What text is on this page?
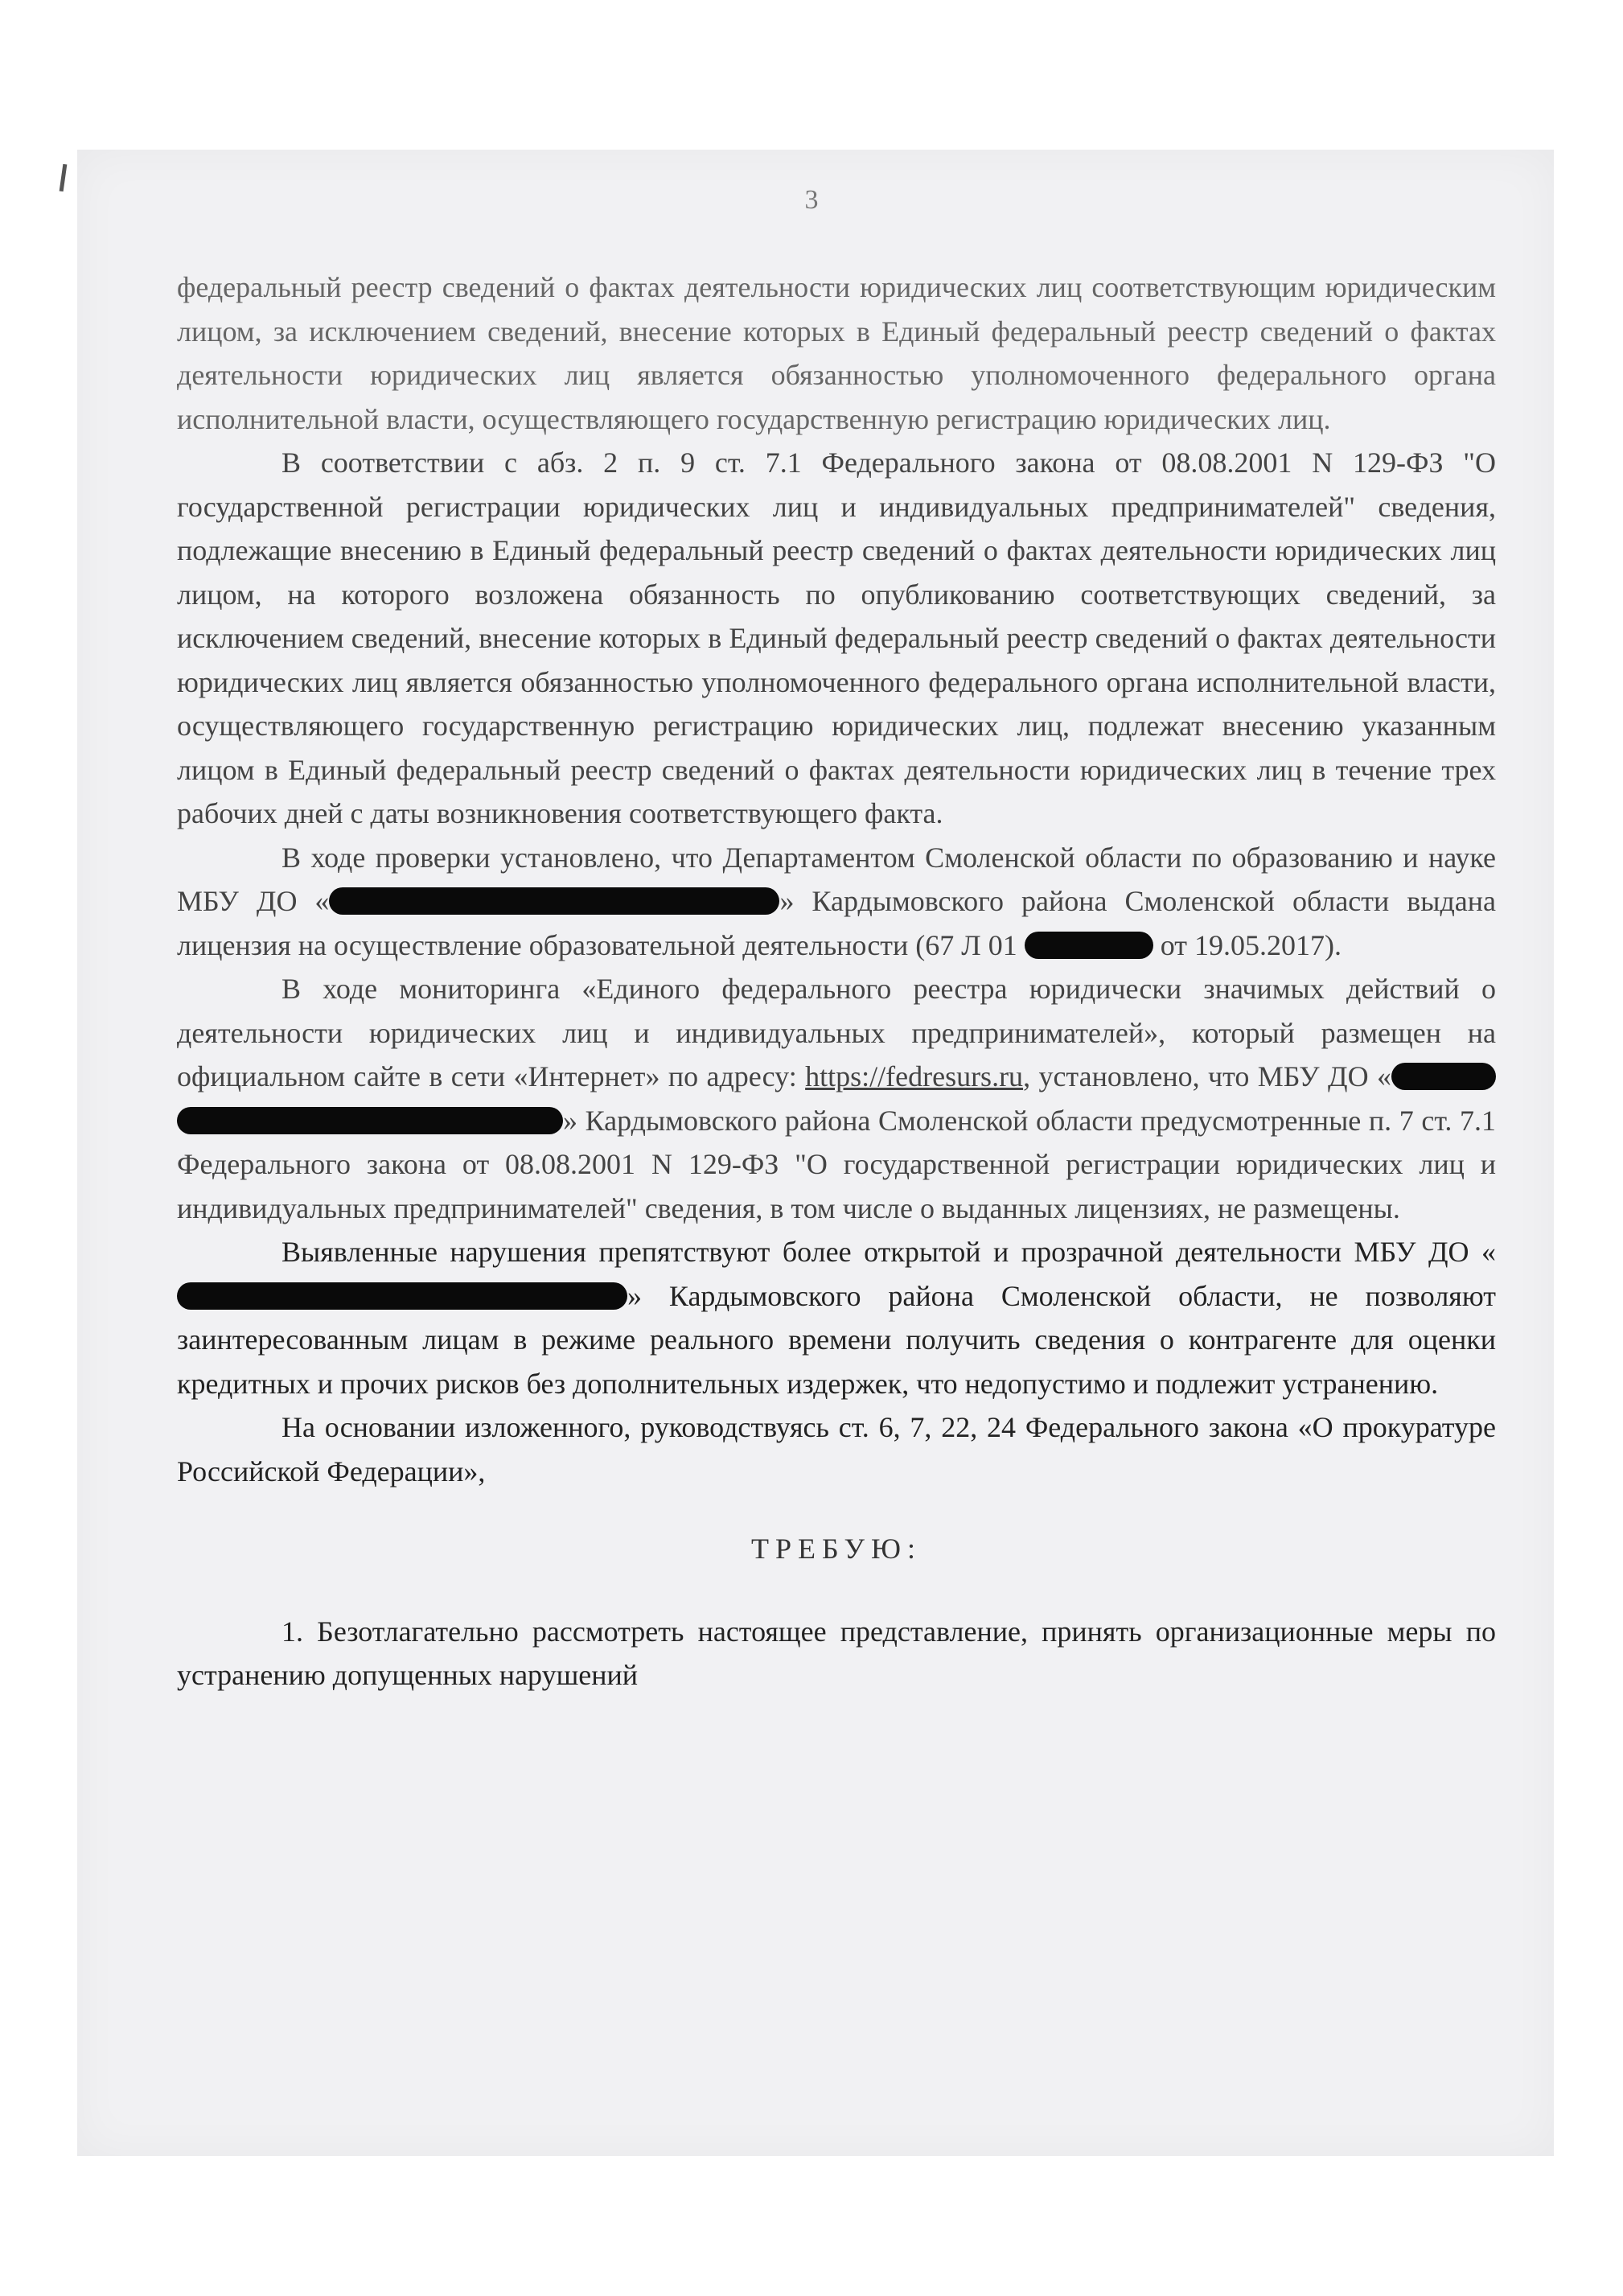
3

федеральный реестр сведений о фактах деятельности юридических лиц соответствующим юридическим лицом, за исключением сведений, внесение которых в Единый федеральный реестр сведений о фактах деятельности юридических лиц является обязанностью уполномоченного федерального органа исполнительной власти, осуществляющего государственную регистрацию юридических лиц.

В соответствии с абз. 2 п. 9 ст. 7.1 Федерального закона от 08.08.2001 N 129-ФЗ "О государственной регистрации юридических лиц и индивидуальных предпринимателей" сведения, подлежащие внесению в Единый федеральный реестр сведений о фактах деятельности юридических лиц лицом, на которого возложена обязанность по опубликованию соответствующих сведений, за исключением сведений, внесение которых в Единый федеральный реестр сведений о фактах деятельности юридических лиц является обязанностью уполномоченного федерального органа исполнительной власти, осуществляющего государственную регистрацию юридических лиц, подлежат внесению указанным лицом в Единый федеральный реестр сведений о фактах деятельности юридических лиц в течение трех рабочих дней с даты возникновения соответствующего факта.

В ходе проверки установлено, что Департаментом Смоленской области по образованию и науке МБУ ДО «	» Кардымовского района Смоленской области выдана лицензия на осуществление образовательной деятельности (67 Л 01	от 19.05.2017).

В ходе мониторинга «Единого федерального реестра юридически значимых действий о деятельности юридических лиц и индивидуальных предпринимателей», который размещен на официальном сайте в сети «Интернет» по адресу: https://fedresurs.ru, установлено, что МБУ ДО « » Кардымовского района Смоленской области предусмотренные п. 7 ст. 7.1 Федерального закона от 08.08.2001 N 129-ФЗ "О государственной регистрации юридических лиц и индивидуальных предпринимателей" сведения, в том числе о выданных лицензиях, не размещены.

Выявленные нарушения препятствуют более открытой и прозрачной деятельности МБУ ДО «» Кардымовского района Смоленской области, не позволяют заинтересованным лицам в режиме реального времени получить сведения о контрагенте для оценки кредитных и прочих рисков без дополнительных издержек, что недопустимо и подлежит устранению.

На основании изложенного, руководствуясь ст. 6, 7, 22, 24 Федерального закона «О прокуратуре Российской Федерации»,

ТРЕБУЮ:

1. Безотлагательно рассмотреть настоящее представление, принять организационные меры по устранению допущенных нарушений
